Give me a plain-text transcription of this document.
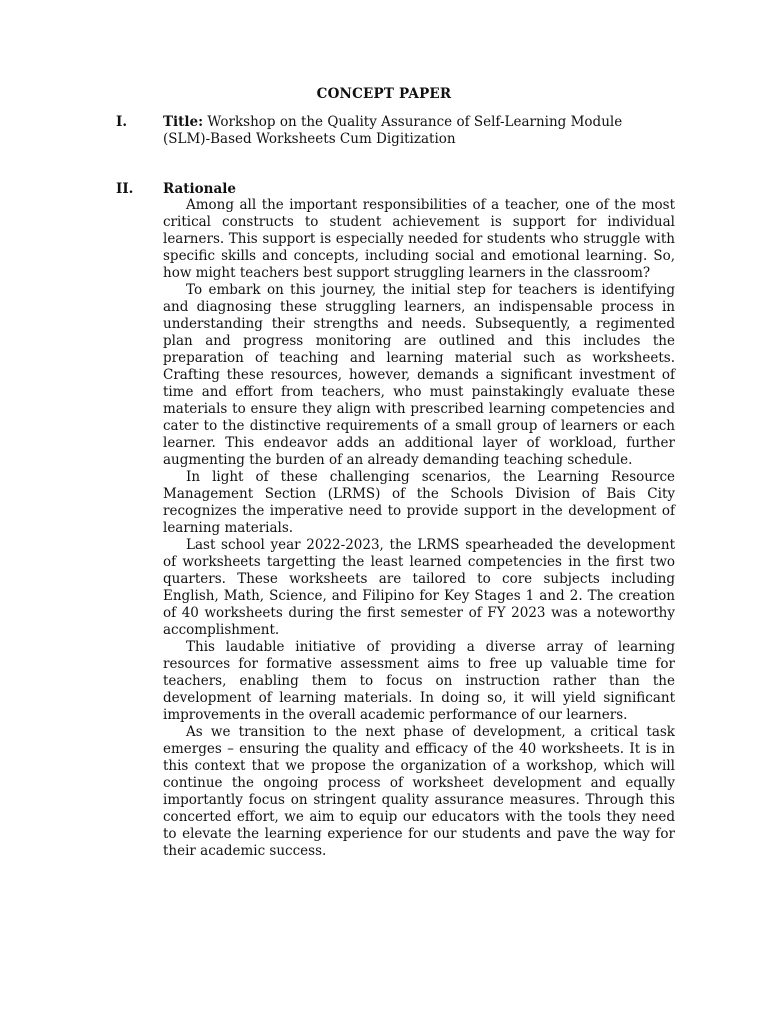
CONCEPT PAPER
I.	Title: Workshop on the Quality Assurance of Self-Learning Module (SLM)-Based Worksheets Cum Digitization
II. Rationale

Among all the important responsibilities of a teacher, one of the most critical constructs to student achievement is support for individual learners. This support is especially needed for students who struggle with specific skills and concepts, including social and emotional learning. So, how might teachers best support struggling learners in the classroom?

To embark on this journey, the initial step for teachers is identifying and diagnosing these struggling learners, an indispensable process in understanding their strengths and needs. Subsequently, a regimented plan and progress monitoring are outlined and this includes the preparation of teaching and learning material such as worksheets. Crafting these resources, however, demands a significant investment of time and effort from teachers, who must painstakingly evaluate these materials to ensure they align with prescribed learning competencies and cater to the distinctive requirements of a small group of learners or each learner. This endeavor adds an additional layer of workload, further augmenting the burden of an already demanding teaching schedule.

In light of these challenging scenarios, the Learning Resource Management Section (LRMS) of the Schools Division of Bais City recognizes the imperative need to provide support in the development of learning materials.

Last school year 2022-2023, the LRMS spearheaded the development of worksheets targetting the least learned competencies in the first two quarters. These worksheets are tailored to core subjects including English, Math, Science, and Filipino for Key Stages 1 and 2. The creation of 40 worksheets during the first semester of FY 2023 was a noteworthy accomplishment.

This laudable initiative of providing a diverse array of learning resources for formative assessment aims to free up valuable time for teachers, enabling them to focus on instruction rather than the development of learning materials. In doing so, it will yield significant improvements in the overall academic performance of our learners.

As we transition to the next phase of development, a critical task emerges – ensuring the quality and efficacy of the 40 worksheets. It is in this context that we propose the organization of a workshop, which will continue the ongoing process of worksheet development and equally importantly focus on stringent quality assurance measures. Through this concerted effort, we aim to equip our educators with the tools they need to elevate the learning experience for our students and pave the way for their academic success.
